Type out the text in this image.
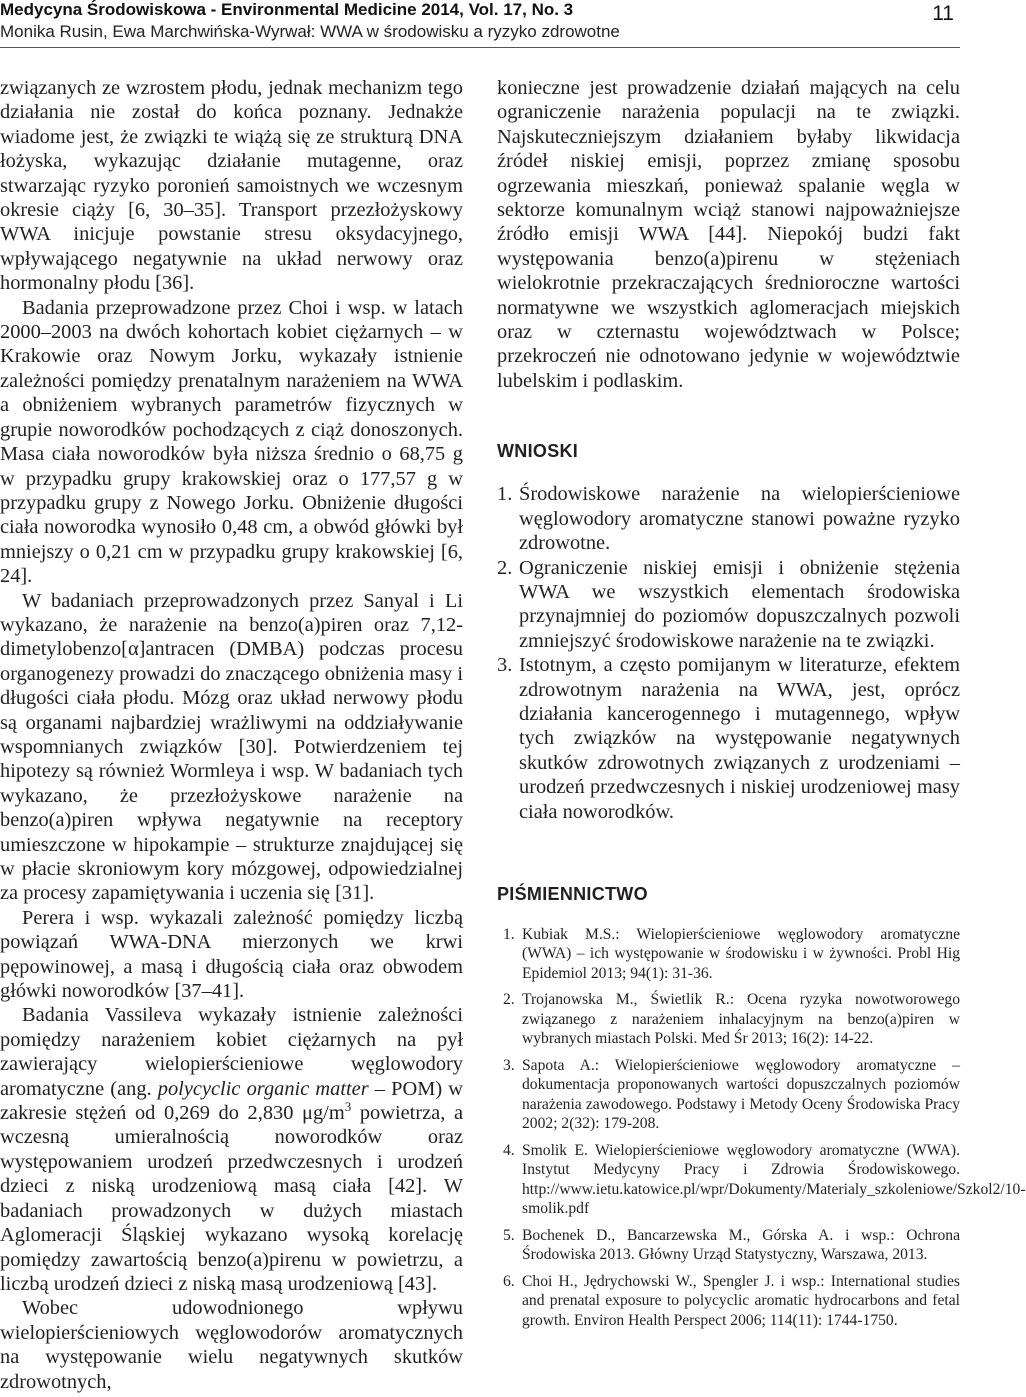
Medycyna Środowiskowa - Environmental Medicine 2014, Vol. 17, No. 3
Monika Rusin, Ewa Marchwińska-Wyrwał: WWA w środowisku a ryzyko zdrowotne
11

związanych ze wzrostem płodu, jednak mechanizm tego działania nie został do końca poznany. Jednakże wiadome jest, że związki te wiążą się ze strukturą DNA łożyska, wykazując działanie mutagenne, oraz stwarzając ryzyko poronień samoistnych we wczesnym okresie ciąży [6, 30–35]. Transport przezłożyskowy WWA inicjuje powstanie stresu oksydacyjnego, wpływającego negatywnie na układ nerwowy oraz hormonalny płodu [36].

Badania przeprowadzone przez Choi i wsp. w latach 2000–2003 na dwóch kohortach kobiet ciężarnych – w Krakowie oraz Nowym Jorku, wykazały istnienie zależności pomiędzy prenatalnym narażeniem na WWA a obniżeniem wybranych parametrów fizycznych w grupie noworodków pochodzących z ciąż donoszonych. Masa ciała noworodków była niższa średnio o 68,75 g w przypadku grupy krakowskiej oraz o 177,57 g w przypadku grupy z Nowego Jorku. Obniżenie długości ciała noworodka wynosiło 0,48 cm, a obwód główki był mniejszy o 0,21 cm w przypadku grupy krakowskiej [6, 24].

W badaniach przeprowadzonych przez Sanyal i Li wykazano, że narażenie na benzo(a)piren oraz 7,12-dimetylobenzo[α]antracen (DMBA) podczas procesu organogenezy prowadzi do znaczącego obniżenia masy i długości ciała płodu. Mózg oraz układ nerwowy płodu są organami najbardziej wrażliwymi na oddziaływanie wspomnianych związków [30]. Potwierdzeniem tej hipotezy są również Wormleya i wsp. W badaniach tych wykazano, że przezłożyskowe narażenie na benzo(a)piren wpływa negatywnie na receptory umieszczone w hipokampie – strukturze znajdującej się w płacie skroniowym kory mózgowej, odpowiedzialnej za procesy zapamiętywania i uczenia się [31].

Perera i wsp. wykazali zależność pomiędzy liczbą powiązań WWA-DNA mierzonych we krwi pępowinowej, a masą i długością ciała oraz obwodem główki noworodków [37–41].

Badania Vassileva wykazały istnienie zależności pomiędzy narażeniem kobiet ciężarnych na pył zawierający wielopierścieniowe węglowodory aromatyczne (ang. polycyclic organic matter – POM) w zakresie stężeń od 0,269 do 2,830 $\mu g/m^3$ powietrza, a wczesną umieralnością noworodków oraz występowaniem urodzeń przedwczesnych i urodzeń dzieci z niską urodzeniową masą ciała [42]. W badaniach prowadzonych w dużych miastach Aglomeracji Śląskiej wykazano wysoką korelację pomiędzy zawartością benzo(a)pirenu w powietrzu, a liczbą urodzeń dzieci z niską masą urodzeniową [43].

Wobec udowodnionego wpływu wielopierścieniowych węglowodorów aromatycznych na występowanie wielu negatywnych skutków zdrowotnych,

konieczne jest prowadzenie działań mających na celu ograniczenie narażenia populacji na te związki. Najskuteczniejszym działaniem byłaby likwidacja źródeł niskiej emisji, poprzez zmianę sposobu ogrzewania mieszkań, ponieważ spalanie węgla w sektorze komunalnym wciąż stanowi najpoważniejsze źródło emisji WWA [44]. Niepokój budzi fakt występowania benzo(a)pirenu w stężeniach wielokrotnie przekraczających średnioroczne wartości normatywne we wszystkich aglomeracjach miejskich oraz w czternastu województwach w Polsce; przekroczeń nie odnotowano jedynie w województwie lubelskim i podlaskim.

WNIOSKI
1. Środowiskowe narażenie na wielopierścieniowe węglowodory aromatyczne stanowi poważne ryzyko zdrowotne.
2. Ograniczenie niskiej emisji i obniżenie stężenia WWA we wszystkich elementach środowiska przynajmniej do poziomów dopuszczalnych pozwoli zmniejszyć środowiskowe narażenie na te związki.
3. Istotnym, a często pomijanym w literaturze, efektem zdrowotnym narażenia na WWA, jest, oprócz działania kancerogennego i mutagennego, wpływ tych związków na występowanie negatywnych skutków zdrowotnych związanych z urodzeniami – urodzeń przedwczesnych i niskiej urodzeniowej masy ciała noworodków.
PIŚMIENNICTWO
1. Kubiak M.S.: Wielopierścieniowe węglowodory aromatyczne (WWA) – ich występowanie w środowisku i w żywności. Probl Hig Epidemiol 2013; 94(1): 31-36.
2. Trojanowska M., Świetlik R.: Ocena ryzyka nowotworowego związanego z narażeniem inhalacyjnym na benzo(a)piren w wybranych miastach Polski. Med Śr 2013; 16(2): 14-22.
3. Sapota A.: Wielopierścieniowe węglowodory aromatyczne – dokumentacja proponowanych wartości dopuszczalnych poziomów narażenia zawodowego. Podstawy i Metody Oceny Środowiska Pracy 2002; 2(32): 179-208.
4. Smolik E. Wielopierścieniowe węglowodory aromatyczne (WWA). Instytut Medycyny Pracy i Zdrowia Środowiskowego. http://www.ietu.katowice.pl/wpr/Dokumenty/Materialy_szkoleniowe/Szkol2/10-smolik.pdf
5. Bochenek D., Bancarzewska M., Górska A. i wsp.: Ochrona Środowiska 2013. Główny Urząd Statystyczny, Warszawa, 2013.
6. Choi H., Jędrychowski W., Spengler J. i wsp.: International studies and prenatal exposure to polycyclic aromatic hydrocarbons and fetal growth. Environ Health Perspect 2006; 114(11): 1744-1750.
